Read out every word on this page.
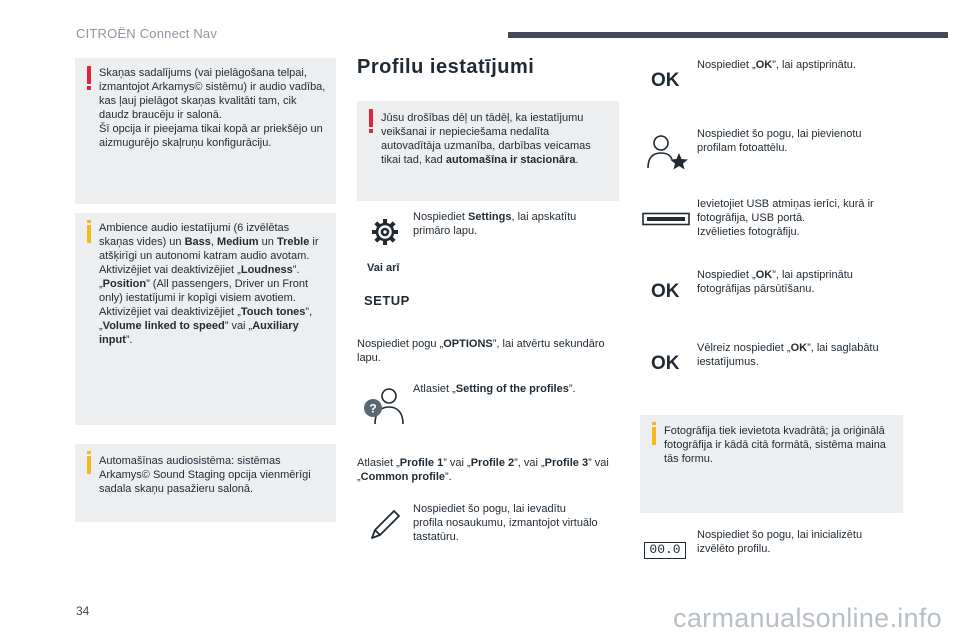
CITROËN Connect Nav
Skaņas sadalījums (vai pielāgošana telpai,
izmantojot Arkamys© sistēmu) ir audio vadība,
kas ļauj pielāgot skaņas kvalitāti tam, cik
daudz braucēju ir salonā.
Šī opcija ir pieejama tikai kopā ar priekšējo un
aizmugurējo skaļruņu konfigurāciju.
Ambience audio iestatījumi (6 izvēlētas
skaņas vides) un Bass, Medium un Treble ir
atšķirīgi un autonomi katram audio avotam.
Aktivizējiet vai deaktivizējiet „Loudness”.
„Position” (All passengers, Driver un Front
only) iestatījumi ir kopīgi visiem avotiem.
Aktivizējiet vai deaktivizējiet „Touch tones”,
„Volume linked to speed” vai „Auxiliary
input”.
Automašīnas audiosistēma: sistēmas
Arkamys© Sound Staging opcija vienmērīgi
sadala skaņu pasažieru salonā.
Profilu iestatījumi
Jūsu drošības dēļ un tādēļ, ka iestatījumu
veikšanai ir nepieciešama nedalīta
autovadītāja uzmanība, darbības veicamas
tikai tad, kad automašīna ir stacionāra.
Nospiediet Settings, lai apskatītu
primāro lapu.
Vai arī
SETUP
Nospiediet pogu „OPTIONS”, lai atvērtu sekundāro
lapu.
?
Atlasiet „Setting of the profiles”.
Atlasiet „Profile 1” vai „Profile 2”, vai „Profile 3” vai
„Common profile”.
Nospiediet šo pogu, lai ievadītu
profila nosaukumu, izmantojot virtuālo
tastatūru.
OK
Nospiediet „OK”, lai apstiprinātu.
Nospiediet šo pogu, lai pievienotu
profilam fotoattēlu.
Ievietojiet USB atmiņas ierīci, kurā ir
fotogrāfija, USB portā.
Izvēlieties fotogrāfiju.
OK
Nospiediet „OK”, lai apstiprinātu
fotogrāfijas pārsūtīšanu.
OK
Vēlreiz nospiediet „OK”, lai saglabātu
iestatījumus.
Fotogrāfija tiek ievietota kvadrātā; ja oriģinālā
fotogrāfija ir kādā citā formātā, sistēma maina
tās formu.
00.0
Nospiediet šo pogu, lai inicializētu
izvēlēto profilu.
34	carmanualsonline.info
